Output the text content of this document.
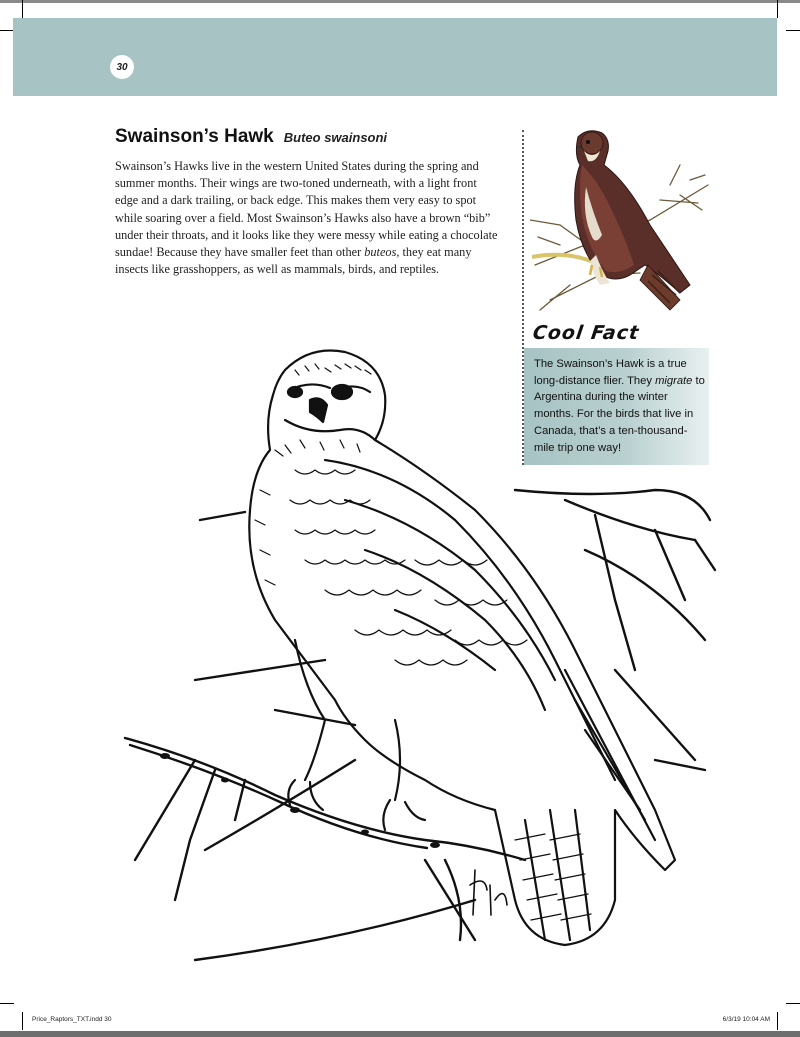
30
Swainson’s Hawk Buteo swainsoni

Swainson’s Hawks live in the western United States during the spring and summer months. Their wings are two-toned underneath, with a light front edge and a dark trailing, or back edge. This makes them very easy to spot while soaring over a field. Most Swainson’s Hawks also have a brown “bib” under their throats, and it looks like they were messy while eating a chocolate sundae! Because they have smaller feet than other buteos, they eat many insects like grasshoppers, as well as mammals, birds, and reptiles.

Cool Fact
The Swainson’s Hawk is a true long-distance flier. They migrate to Argentina during the winter months. For the birds that live in Canada, that’s a ten-thousand-mile trip one way!
Price_Raptors_TXT.indd 30	6/3/19 10:04 AM
